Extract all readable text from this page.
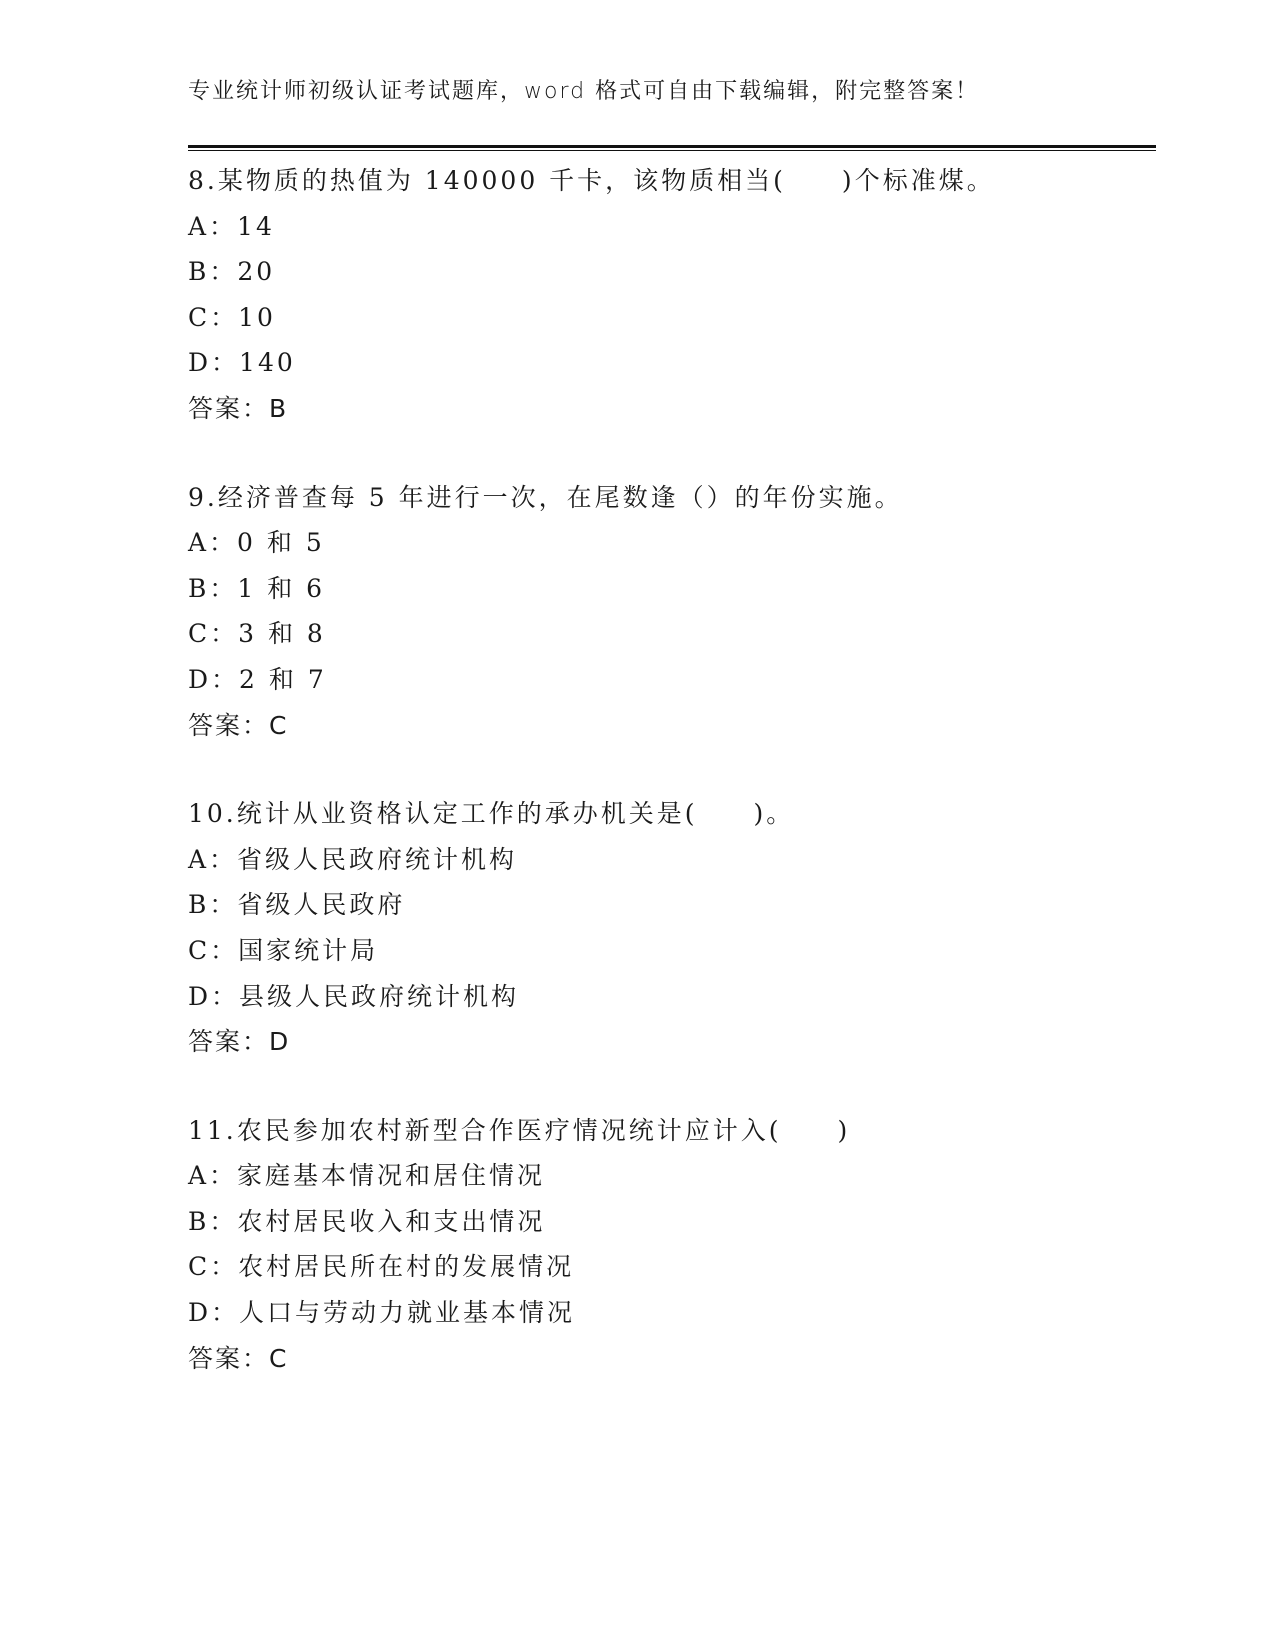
专业统计师初级认证考试题库，word 格式可自由下载编辑，附完整答案！
8.某物质的热值为 140000 千卡，该物质相当(　　)个标准煤。
A：14
B：20
C：10
D：140
答案：B
9.经济普查每 5 年进行一次，在尾数逢（）的年份实施。
A：0 和 5
B：1 和 6
C：3 和 8
D：2 和 7
答案：C
10.统计从业资格认定工作的承办机关是(　　)。
A：省级人民政府统计机构
B：省级人民政府
C：国家统计局
D：县级人民政府统计机构
答案：D
11.农民参加农村新型合作医疗情况统计应计入(　　)
A：家庭基本情况和居住情况
B：农村居民收入和支出情况
C：农村居民所在村的发展情况
D：人口与劳动力就业基本情况
答案：C
